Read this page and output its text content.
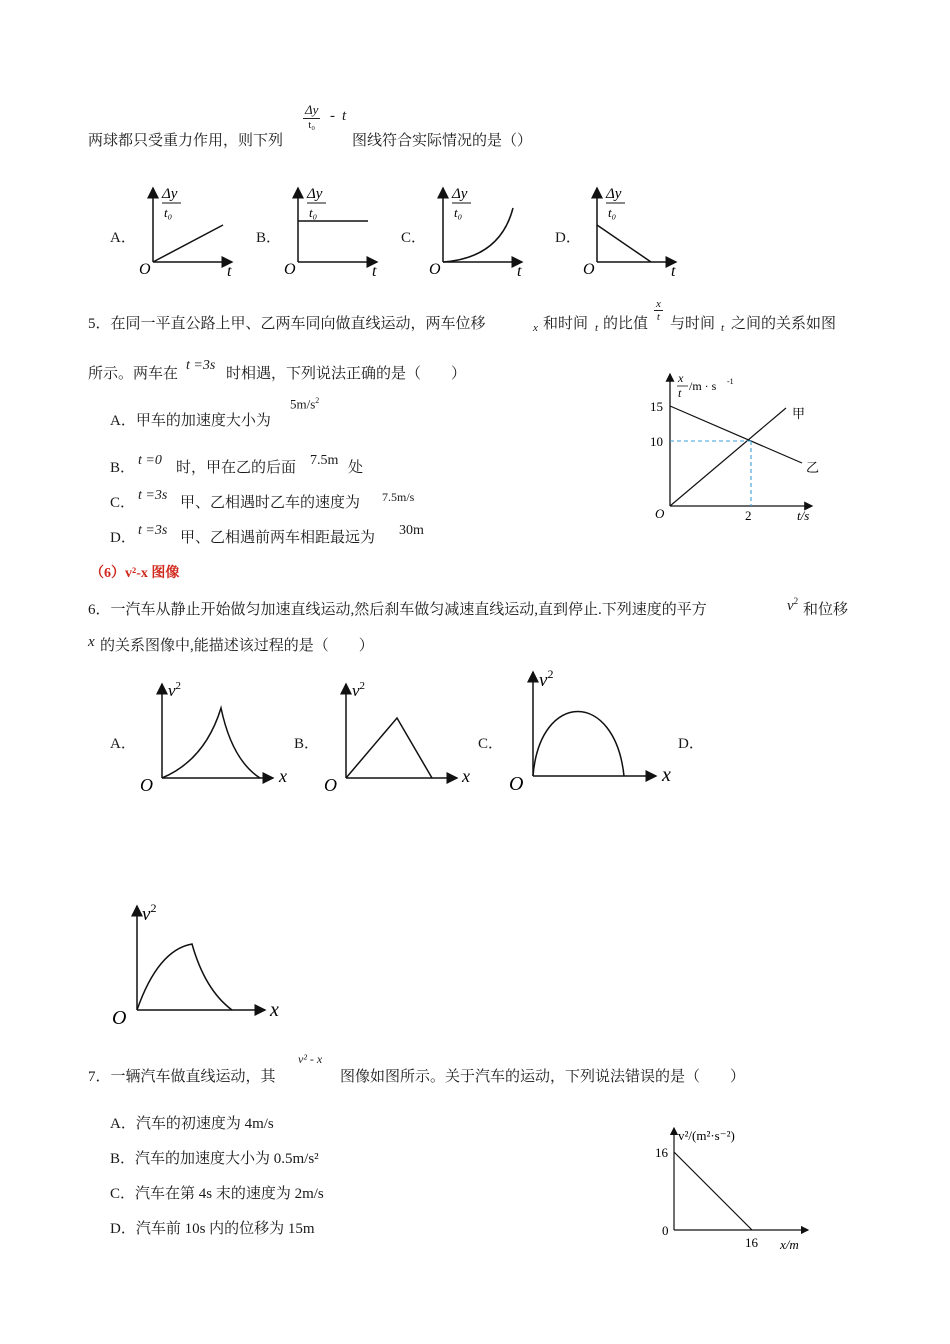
Δy
t₀
- t
两球都只受重力作用，则下列	图线符合实际情况的是（）
A．	B．	C．	D．
Δy
t₀
O	t
Δy
t₀
O	t
Δy
t₀
O	t
Δy
t₀
O	t
5．在同一平直公路上甲、乙两车同向做直线运动，两车位移	x 和时间 t 的比值
$\frac{x}{t}$
与时间 t 之间的关系如图
所示。两车在
t =3s
时相遇，下列说法正确的是（　　）
A．甲车的加速度大小为
$5m/s^2$
B． t =0 时，甲在乙的后面 7.5m 处
C． t =3s 甲、乙相遇时乙车的速度为 7.5m/s
D． t =3s 甲、乙相遇前两车相距最远为 30m
x
t /m · s -1
15
10
2	t/s
O
甲
乙
（6）v²-x 图像
6．一汽车从静止开始做匀加速直线运动,然后刹车做匀减速直线运动,直到停止.下列速度的平方	$v^2$
和位移
x 的关系图像中,能描述该过程的是（　　）
A．	B．	C．	D．
$v^2$
O	x
$v^2$
O	x
$v^2$
O	x
$v^2$
O	x
7．一辆汽车做直线运动，其
v² - x
图像如图所示。关于汽车的运动，下列说法错误的是（　　）
A．汽车的初速度为 4m/s
B．汽车的加速度大小为 0.5m/s²
C．汽车在第 4s 末的速度为 2m/s
D．汽车前 10s 内的位移为 15m
v²/(m²·s⁻²)
16
0
16 x/m
